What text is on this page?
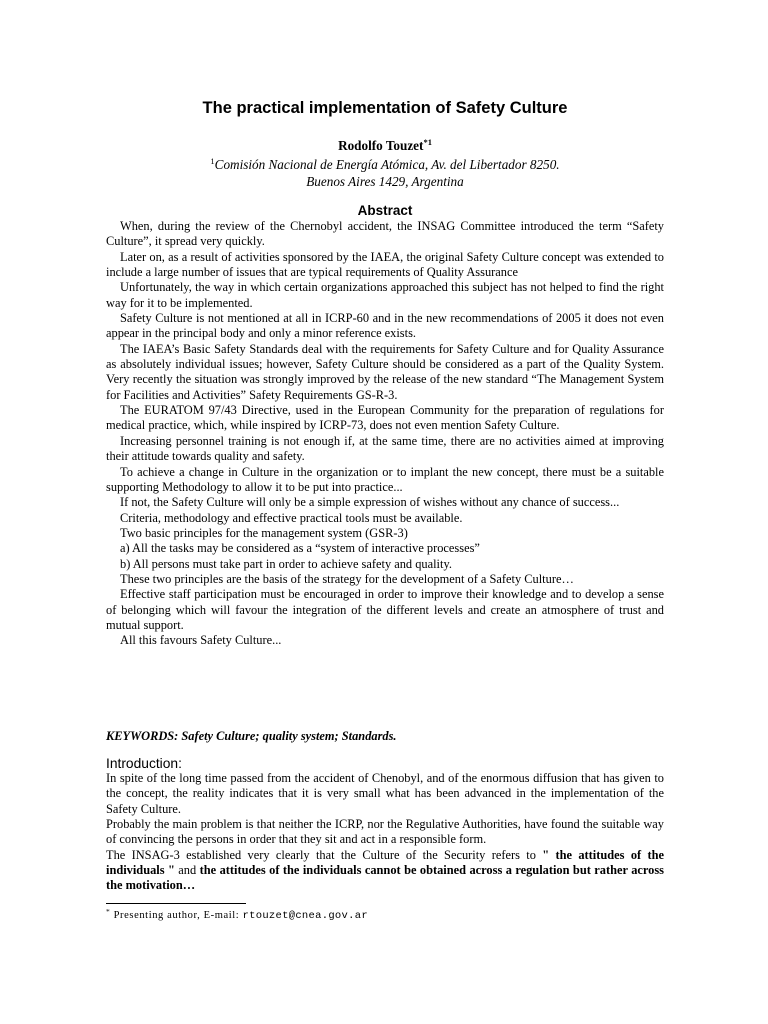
The practical implementation of Safety Culture
Rodolfo Touzet$^{*1}$
$^1$Comisión Nacional de Energía Atómica, Av. del Libertador 8250.
Buenos Aires 1429, Argentina
Abstract

When, during the review of the Chernobyl accident, the INSAG Committee introduced the term “Safety Culture”, it spread very quickly.

Later on, as a result of activities sponsored by the IAEA, the original Safety Culture concept was extended to include a large number of issues that are typical requirements of Quality Assurance

Unfortunately, the way in which certain organizations approached this subject has not helped to find the right way for it to be implemented.

Safety Culture is not mentioned at all in ICRP-60 and in the new recommendations of 2005 it does not even appear in the principal body and only a minor reference exists.

The IAEA’s Basic Safety Standards deal with the requirements for Safety Culture and for Quality Assurance as absolutely individual issues; however, Safety Culture should be considered as a part of the Quality System. Very recently the situation was strongly improved by the release of the new standard “The Management System for Facilities and Activities” Safety Requirements GS-R-3.

The EURATOM 97/43 Directive, used in the European Community for the preparation of regulations for medical practice, which, while inspired by ICRP-73, does not even mention Safety Culture.

Increasing personnel training is not enough if, at the same time, there are no activities aimed at improving their attitude towards quality and safety.

To achieve a change in Culture in the organization or to implant the new concept, there must be a suitable supporting Methodology to allow it to be put into practice...

If not, the Safety Culture will only be a simple expression of wishes without any chance of success...

Criteria, methodology and effective practical tools must be available.

Two basic principles for the management system (GSR-3)

a) All the tasks may be considered as a “system of interactive processes”

b) All persons must take part in order to achieve safety and quality.

These two principles are the basis of the strategy for the development of a Safety Culture…

Effective staff participation must be encouraged in order to improve their knowledge and to develop a sense of belonging which will favour the integration of the different levels and create an atmosphere of trust and mutual support.

All this favours Safety Culture...

KEYWORDS: Safety Culture; quality system; Standards.
Introduction:

In spite of the long time passed from the accident of Chenobyl, and of the enormous diffusion that has given to the concept, the reality indicates that it is very small what has been advanced in the implementation of the Safety Culture.

Probably the main problem is that neither the ICRP, nor the Regulative Authorities, have found the suitable way of convincing the persons in order that they sit and act in a responsible form.

The INSAG-3 established very clearly that the Culture of the Security refers to " the attitudes of the individuals " and the attitudes of the individuals cannot be obtained across a regulation but rather across the motivation…

* Presenting author, E-mail: rtouzet@cnea.gov.ar
